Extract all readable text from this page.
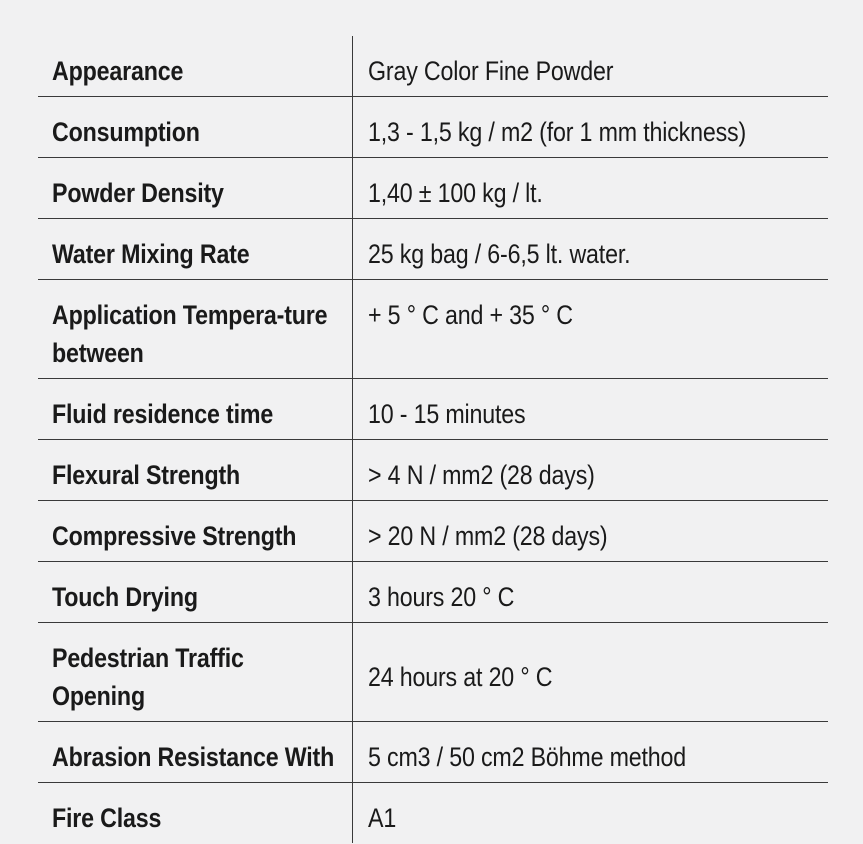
Appearance	Gray Color Fine Powder
Consumption	1,3 - 1,5 kg / m2 (for 1 mm thickness)
Powder Density	1,40 ± 100 kg / lt.
Water Mixing Rate	25 kg bag / 6-6,5 lt. water.
Application Tempera-ture between	+ 5 ° C and + 35 ° C
Fluid residence time	10 - 15 minutes
Flexural Strength	> 4 N / mm2 (28 days)
Compressive Strength	> 20 N / mm2 (28 days)
Touch Drying	3 hours 20 ° C
Pedestrian Traffic Opening	24 hours at 20 ° C
Abrasion Resistance With	5 cm3 / 50 cm2 Böhme method
Fire Class	A1
